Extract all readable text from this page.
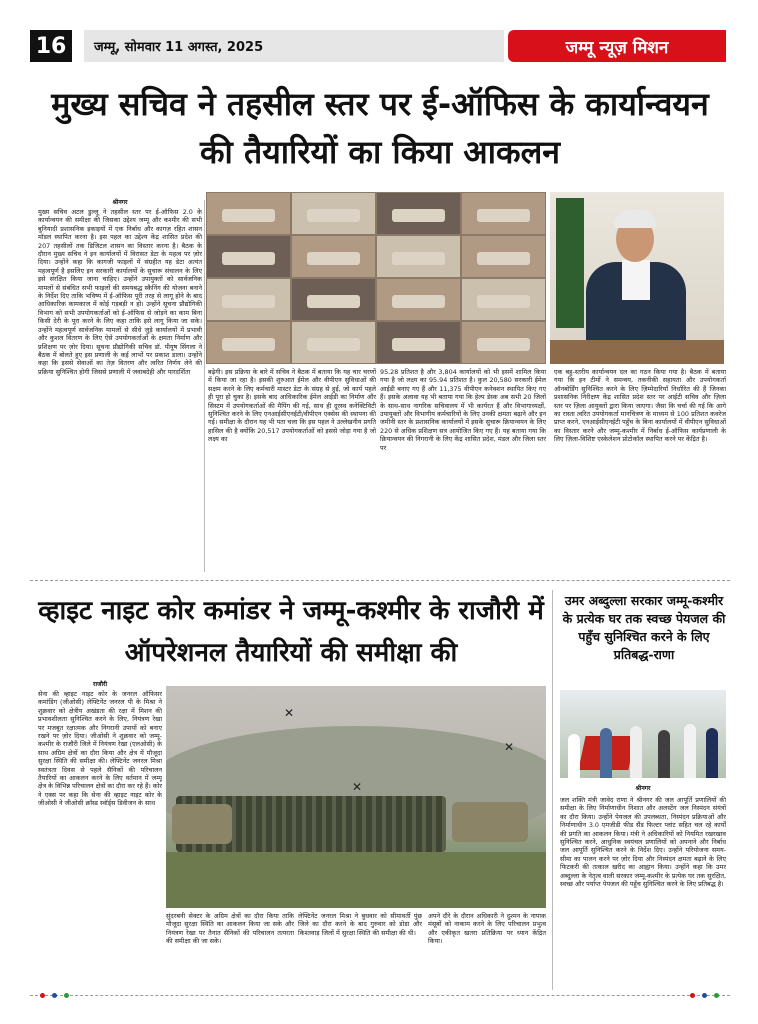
16	जम्मू, सोमवार 11 अगस्त, 2025	जम्मू न्यूज़ मिशन
मुख्य सचिव ने तहसील स्तर पर ई-ऑफिस के कार्यान्वयन की तैयारियों का किया आकलन
श्रीनगर
मुख्य सचिव अटल डुल्लू ने तहसील स्तर पर ई-ऑफिस 2.0 के कार्यान्वयन की समीक्षा की जिसका उद्देश्य जम्मू और कश्मीर की सभी बुनियादी प्रशासनिक इकाइयों में एक निर्बाध और कागज़ रहित शासन मॉडल स्थापित करना है। इस पहल का उद्देश्य केंद्र शासित प्रदेश की 207 तहसीलों तक डिजिटल शासन का विस्तार करना है। बैठक के दौरान मुख्य सचिव ने इन कार्यालयों में विरासत डेटा के महत्व पर ज़ोर दिया। उन्होंने कहा कि कागजी फाइलों में संग्रहीत यह डेटा अत्यंत महत्वपूर्ण है इसलिए इन सरकारी कार्यालयों के सुचारू संचालन के लिए इसे संरक्षित किया जाना चाहिए। उन्होंने उपायुक्तों को सार्वजनिक मामलों से संबंधित सभी फाइलों की समयबद्ध स्कैनिंग की योजना बनाने के निर्देश दिए ताकि भविष्य में ई-ऑफिस पूरी तरह से लागू होने के बाद आधिकारिक कामकाज में कोई गड़बड़ी न हो। उन्होंने सूचना प्रौद्योगिकी विभाग को सभी उपयोगकर्ताओं को ई-ऑफिस से जोड़ने का काम बिना किसी देरी के पूरा करने के लिए कहा ताकि इसे लागू किया जा सके। उन्होंने महत्वपूर्ण सार्वजनिक मामलों से सीधे जुड़े कार्यालयों में प्रभावी और कुशल वितरण के लिए ऐसे उपयोगकर्ताओं के क्षमता निर्माण और प्रशिक्षण पर ज़ोर दिया। सूचना प्रौद्योगिकी सचिव डॉ. पीयूष सिंगला ने बैठक में बोलते हुए इस प्रणाली के कई लाभों पर प्रकाश डाला। उन्होंने कहा कि इससे सेवाओं का तेज़ वितरण और त्वरित निर्णय लेने की प्रक्रिया सुनिश्चित होगी जिससे प्रणाली में जवाबदेही और पारदर्शिता	बढ़ेगी। इस प्रक्रिया के बारे में सचिव ने बैठक में बताया कि यह चार चरणों में किया जा रहा है। इसकी शुरुआत ईमेल और वीपीएन सुविधाओं की सक्षम करने के लिए कर्मचारी मास्टर डेटा के संग्रह से हुई, जो कार्य पहले ही पूरा हो चुका है। इसके बाद आधिकारिक ईमेल आईडी का निर्माण और सिस्टम में उपयोगकर्ताओं की मैपिंग की गई, साथ ही दूरस्थ कनेक्टिविटी सुनिश्चित करने के लिए एनआईसीएनईटी/वीपीएन एक्सेस की स्थापना की गई। समीक्षा के दौरान यह भी पता चला कि इस पहल ने उल्लेखनीय प्रगति हासिल की है क्योंकि 20,517 उपयोगकर्ताओं को इससे जोड़ा गया है जो लक्ष्य का
95.28 प्रतिशत है और 3,804 कार्यालयों को भी इसमें शामिल किया गया है जो लक्ष्य का 95.94 प्रतिशत है। कुल 20,580 सरकारी ईमेल आईडी बनाए गए हैं और 11,375 वीपीएन कनेक्शन स्थापित किए गए हैं। इसके अलावा यह भी बताया गया कि हेल्प डेस्क अब सभी 20 जिलों के साथ-साथ नागरिक सचिवालय में भी कार्यरत हैं और विभागाध्यक्षों, उपायुक्तों और विभागीय कर्मचारियों के लिए उनकी क्षमता बढ़ाने और इन जमीनी स्तर के प्रशासनिक कार्यालयों में इसके सुचारू क्रियान्वयन के लिए 220 से अधिक प्रशिक्षण सत्र आयोजित किए गए हैं। यह बताया गया कि क्रियान्वयन की निगरानी के लिए केंद्र शासित प्रदेश, मंडल और जिला स्तर पर
एक बहु-स्तरीय कार्यान्वयन दल का गठन किया गया है। बैठक में बताया गया कि इन टीमों ने समन्वय, तकनीकी सहायता और उपयोगकर्ता ऑनबोर्डिंग सुनिश्चित करने के लिए ज़िम्मेदारियाँ निर्धारित की हैं जिनका प्रशासनिक निरीक्षण केंद्र शासित प्रदेश स्तर पर आईटी सचिव और ज़िला स्तर पर ज़िला आयुक्तों द्वारा किया जाएगा। जैसा कि चर्चा की गई कि आगे का रास्ता त्वरित उपयोगकर्ता मानचित्रण के माध्यम से 100 प्रतिशत कवरेज प्राप्त करने, एनआईसीएनईटी पहुँच के बिना कार्यालयों में वीपीएन सुविधाओं का विस्तार करने और जम्मू-कश्मीर में निर्बाध ई-ऑफिस कार्यप्रणाली के लिए ज़िला-विशिष्ट एस्केलेशन प्रोटोकॉल स्थापित करने पर केंद्रित है।
व्हाइट नाइट कोर कमांडर ने जम्मू-कश्मीर के राजौरी में ऑपरेशनल तैयारियों की समीक्षा की
राजौरी
सेना की व्हाइट नाइट कोर के जनरल ऑफिसर कमांडिंग (जीओसी) लेफ्टिनेंट जनरल पी के मिश्रा ने शुक्रवार को क्षेत्रीय अखंडता की रक्षा में मिशन की प्रभावशीलता सुनिश्चित करने के लिए, नियंत्रण रेखा पर मजबूत रक्षात्मक और निगरानी उपायों को बनाए रखने पर ज़ोर दिया। जीओसी ने शुक्रवार को जम्मू-कश्मीर के राजौरी जिले में नियंत्रण रेखा (एलओसी) के साथ अग्रिम क्षेत्रों का दौरा किया और क्षेत्र में मौजूदा सुरक्षा स्थिति की समीक्षा की। लेफ्टिनेंट जनरल मिश्रा स्वतंत्रता दिवस से पहले सैनिकों की परिचालन तैयारियों का आकलन करने के लिए वर्तमान में जम्मू क्षेत्र के विभिन्न परिचालन क्षेत्रों का दौरा कर रहे हैं। कोर ने एक्स पर कहा कि सेना की व्हाइट नाइट कोर के जीओसी ने जीओसी क्रॉस्ड स्वॉर्ड्स डिवीजन के साथ
✕
✕
✕
सुंदरबनी सेक्टर के अग्रिम क्षेत्रों का दौरा किया ताकि मौजूदा सुरक्षा स्थिति का आकलन किया जा सके और नियंत्रण रेखा पर तैनात सैनिकों की परिचालन तत्परता की समीक्षा की जा सके।
लेफ्टिनेंट जनरल मिश्रा ने बुधवार को सीमावर्ती पुंछ जिले का दौरा करने के बाद गुरुवार को डोडा और किश्तवाड़ जिलों में सुरक्षा स्थिति की समीक्षा की थी।
अपने दौरे के दौरान अधिकारी ने दुश्मन के नापाक मंसूबों को नाकाम करने के लिए परिचालन प्रभुत्व और एकीकृत खतरा प्रतिक्रिया पर ध्यान केंद्रित किया।
उमर अब्दुल्ला सरकार जम्मू-कश्मीर के प्रत्येक घर तक स्वच्छ पेयजल की पहुँच सुनिश्चित करने के लिए प्रतिबद्ध-राणा
श्रीनगर
जल शक्ति मंत्री जावेद राणा ने श्रीनगर की जल आपूर्ति प्रणालियों की समीक्षा के लिए निर्माणाधीन निशात और अलस्टेंग जल निस्पंदन संयंत्रों का दौरा किया। उन्होंने पेयजल की उपलब्धता, निस्पंदन प्रक्रियाओं और निर्माणाधीन 3.0 एमजीडी फीड सैंड फिल्टर प्लांट सहित चल रहे कार्यों की प्रगति का आकलन किया। मंत्री ने अधिकारियों को नियमित रखरखाव सुनिश्चित करने, आधुनिक स्वयंचल प्रणालियों को अपनाने और निर्बाध जल आपूर्ति सुनिश्चित करने के निर्देश दिए। उन्होंने परियोजना समय-सीमा का पालन करने पर ज़ोर दिया और निस्पंदन क्षमता बढ़ाने के लिए फिटकरी की तत्काल खरीद का आह्वान किया। उन्होंने कहा कि उमर अब्दुल्ला के नेतृत्व वाली सरकार जम्मू-कश्मीर के प्रत्येक घर तक सुरक्षित, स्वच्छ और पर्याप्त पेयजल की पहुँच सुनिश्चित करने के लिए प्रतिबद्ध है।
